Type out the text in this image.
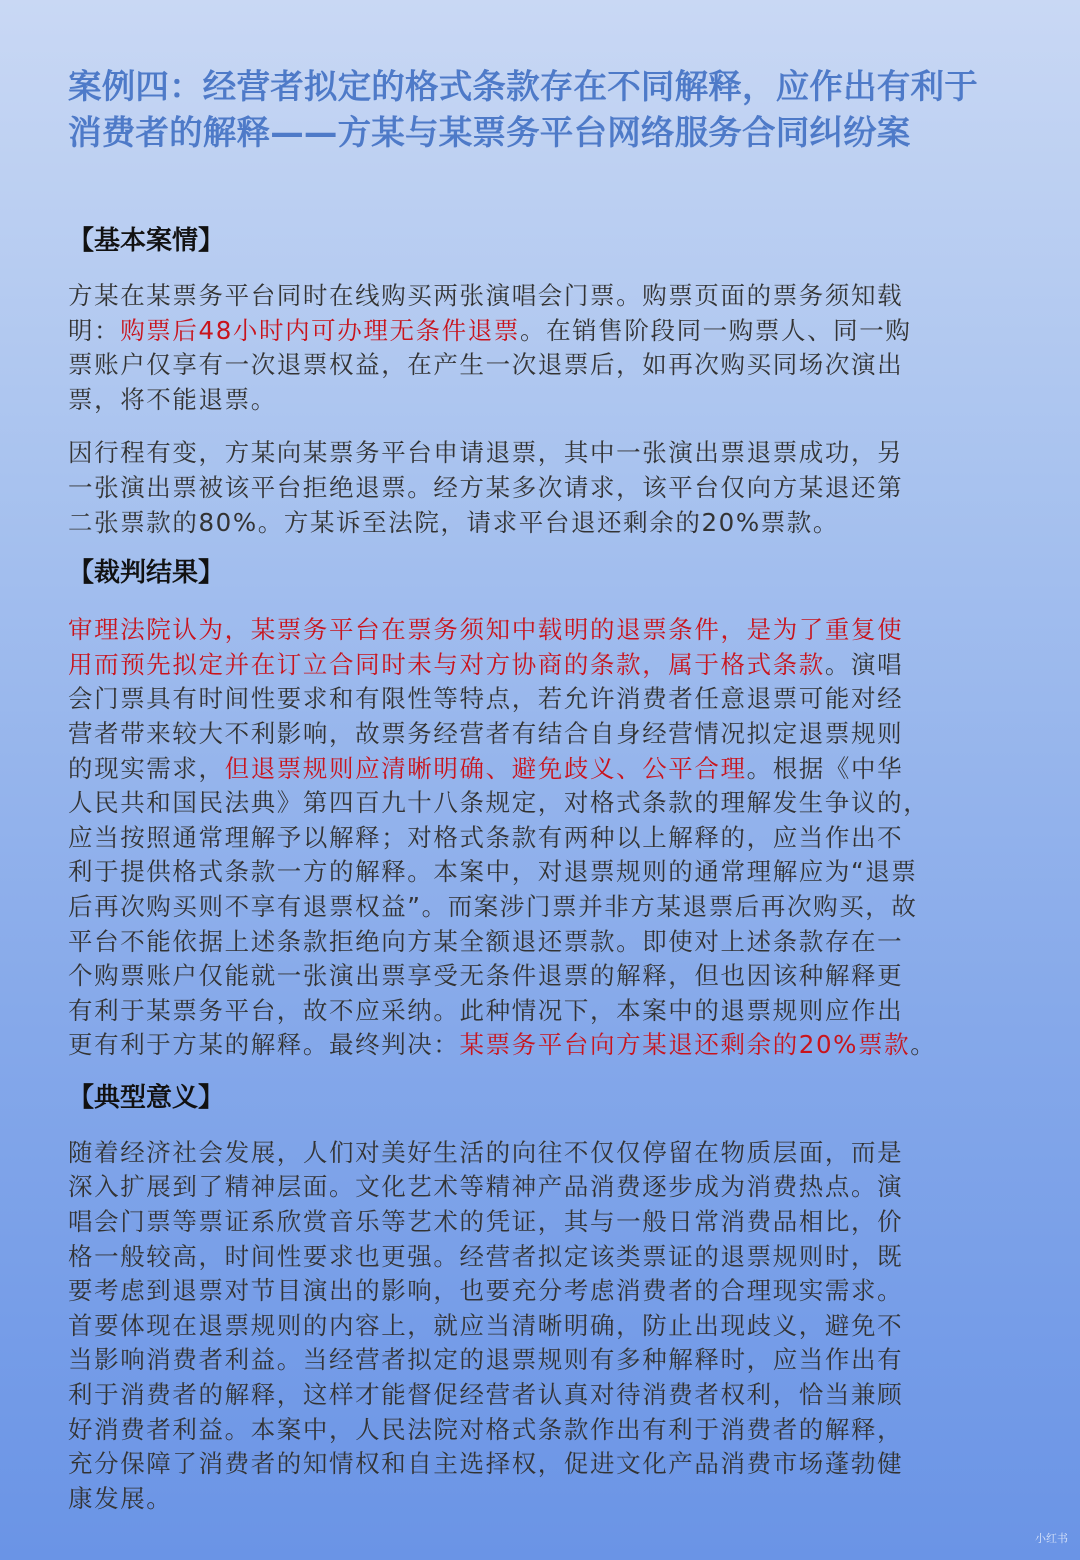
案例四：经营者拟定的格式条款存在不同解释，应作出有利于
消费者的解释——方某与某票务平台网络服务合同纠纷案
【基本案情】

方某在某票务平台同时在线购买两张演唱会门票。购票页面的票务须知载
明：购票后48小时内可办理无条件退票。在销售阶段同一购票人、同一购
票账户仅享有一次退票权益，在产生一次退票后，如再次购买同场次演出
票，将不能退票。

因行程有变，方某向某票务平台申请退票，其中一张演出票退票成功，另
一张演出票被该平台拒绝退票。经方某多次请求，该平台仅向方某退还第
二张票款的80%。方某诉至法院，请求平台退还剩余的20%票款。

【裁判结果】

审理法院认为，某票务平台在票务须知中载明的退票条件，是为了重复使
用而预先拟定并在订立合同时未与对方协商的条款，属于格式条款。演唱
会门票具有时间性要求和有限性等特点，若允许消费者任意退票可能对经
营者带来较大不利影响，故票务经营者有结合自身经营情况拟定退票规则
的现实需求，但退票规则应清晰明确、避免歧义、公平合理。根据《中华
人民共和国民法典》第四百九十八条规定，对格式条款的理解发生争议的，
应当按照通常理解予以解释；对格式条款有两种以上解释的，应当作出不
利于提供格式条款一方的解释。本案中，对退票规则的通常理解应为“退票
后再次购买则不享有退票权益”。而案涉门票并非方某退票后再次购买，故
平台不能依据上述条款拒绝向方某全额退还票款。即使对上述条款存在一
个购票账户仅能就一张演出票享受无条件退票的解释，但也因该种解释更
有利于某票务平台，故不应采纳。此种情况下，本案中的退票规则应作出
更有利于方某的解释。最终判决：某票务平台向方某退还剩余的20%票款。

【典型意义】

随着经济社会发展，人们对美好生活的向往不仅仅停留在物质层面，而是
深入扩展到了精神层面。文化艺术等精神产品消费逐步成为消费热点。演
唱会门票等票证系欣赏音乐等艺术的凭证，其与一般日常消费品相比，价
格一般较高，时间性要求也更强。经营者拟定该类票证的退票规则时，既
要考虑到退票对节目演出的影响，也要充分考虑消费者的合理现实需求。
首要体现在退票规则的内容上，就应当清晰明确，防止出现歧义，避免不
当影响消费者利益。当经营者拟定的退票规则有多种解释时，应当作出有
利于消费者的解释，这样才能督促经营者认真对待消费者权利，恰当兼顾
好消费者利益。本案中，人民法院对格式条款作出有利于消费者的解释，
充分保障了消费者的知情权和自主选择权，促进文化产品消费市场蓬勃健
康发展。

小红书
